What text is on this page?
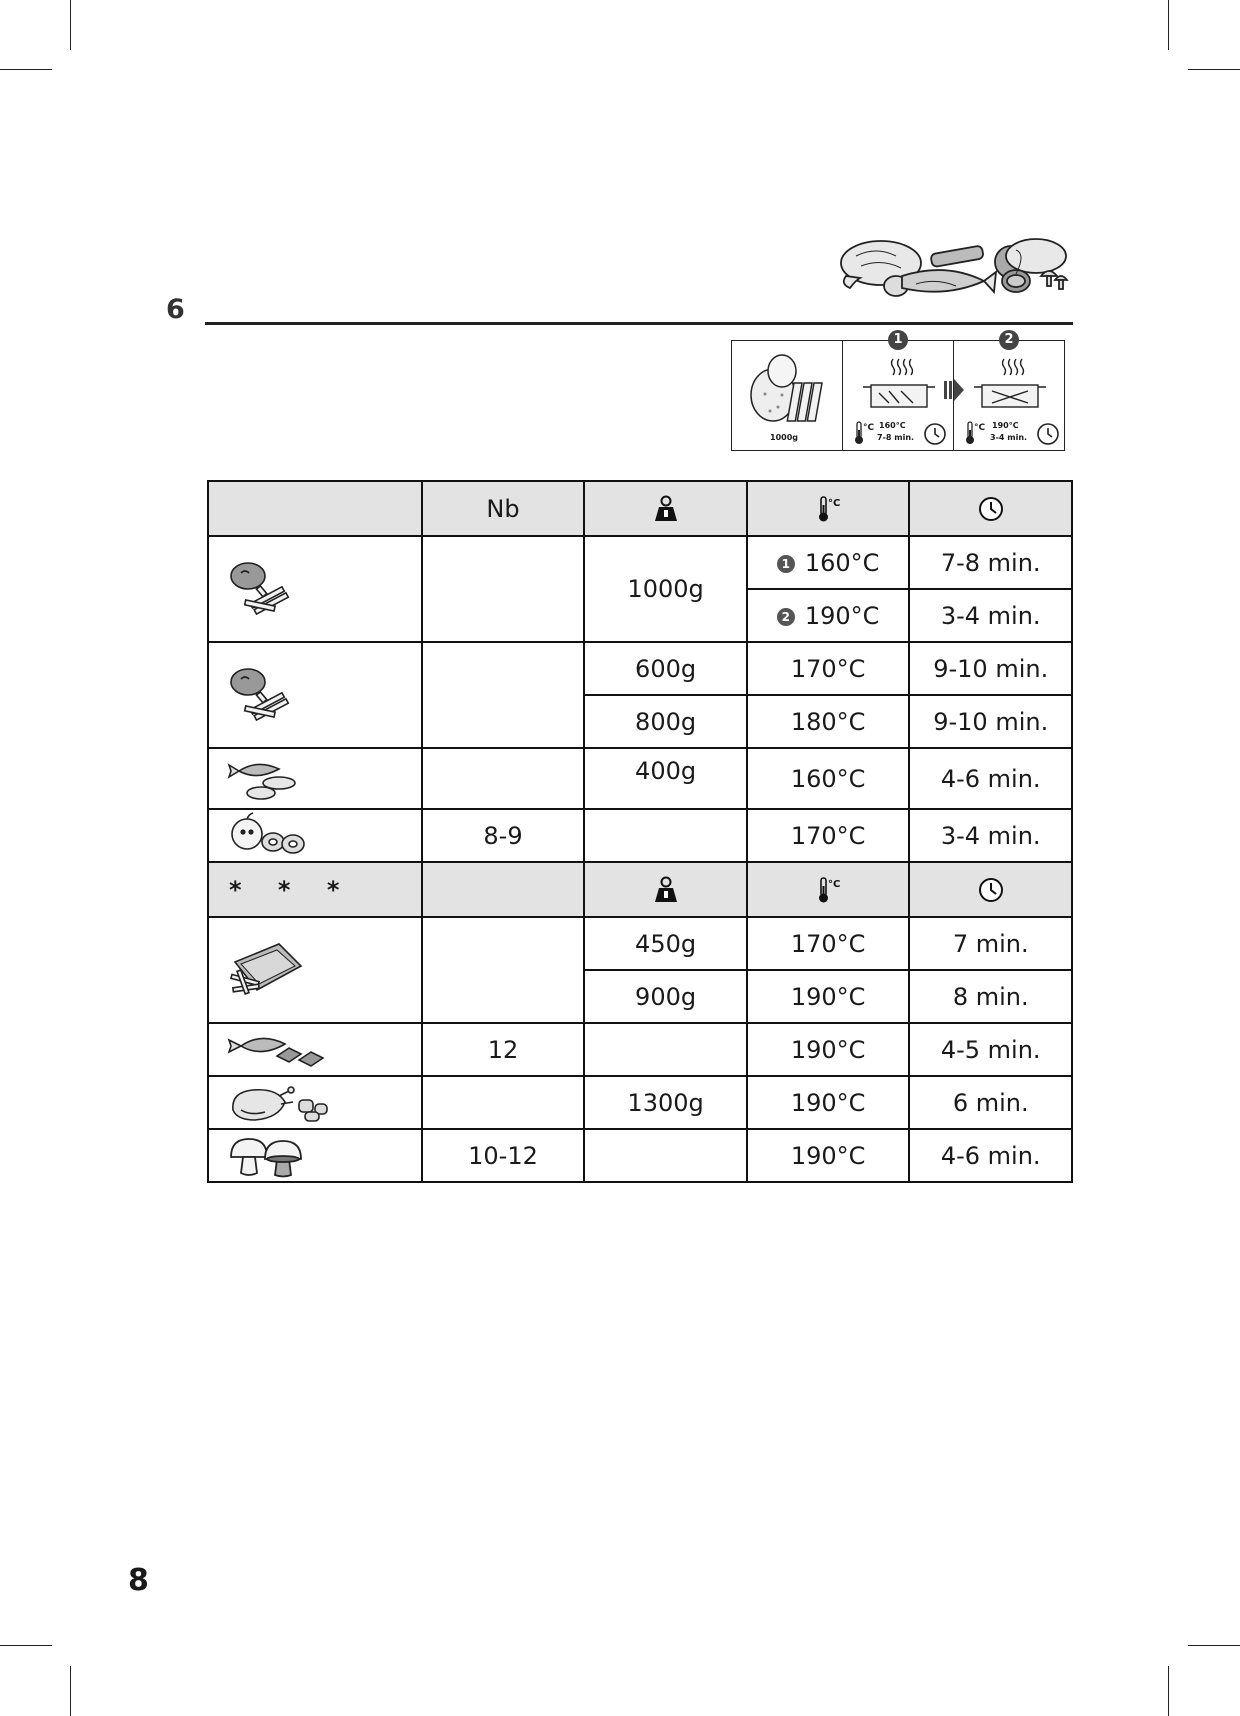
6
1000g
1
°C 160°C
7-8 min.
2
°C 190°C
3-4 min.
	Nb		°C

		1000g	1 160°C	7-8 min.
			2 190°C	3-4 min.

		600g	170°C	9-10 min.
		800g	180°C	9-10 min.

		400g	160°C	4-6 min.

	8-9		170°C	3-4 min.
* * *			°C

		450g	170°C	7 min.
		900g	190°C	8 min.

	12		190°C	4-5 min.

		1300g	190°C	6 min.

	10-12		190°C	4-6 min.
8
